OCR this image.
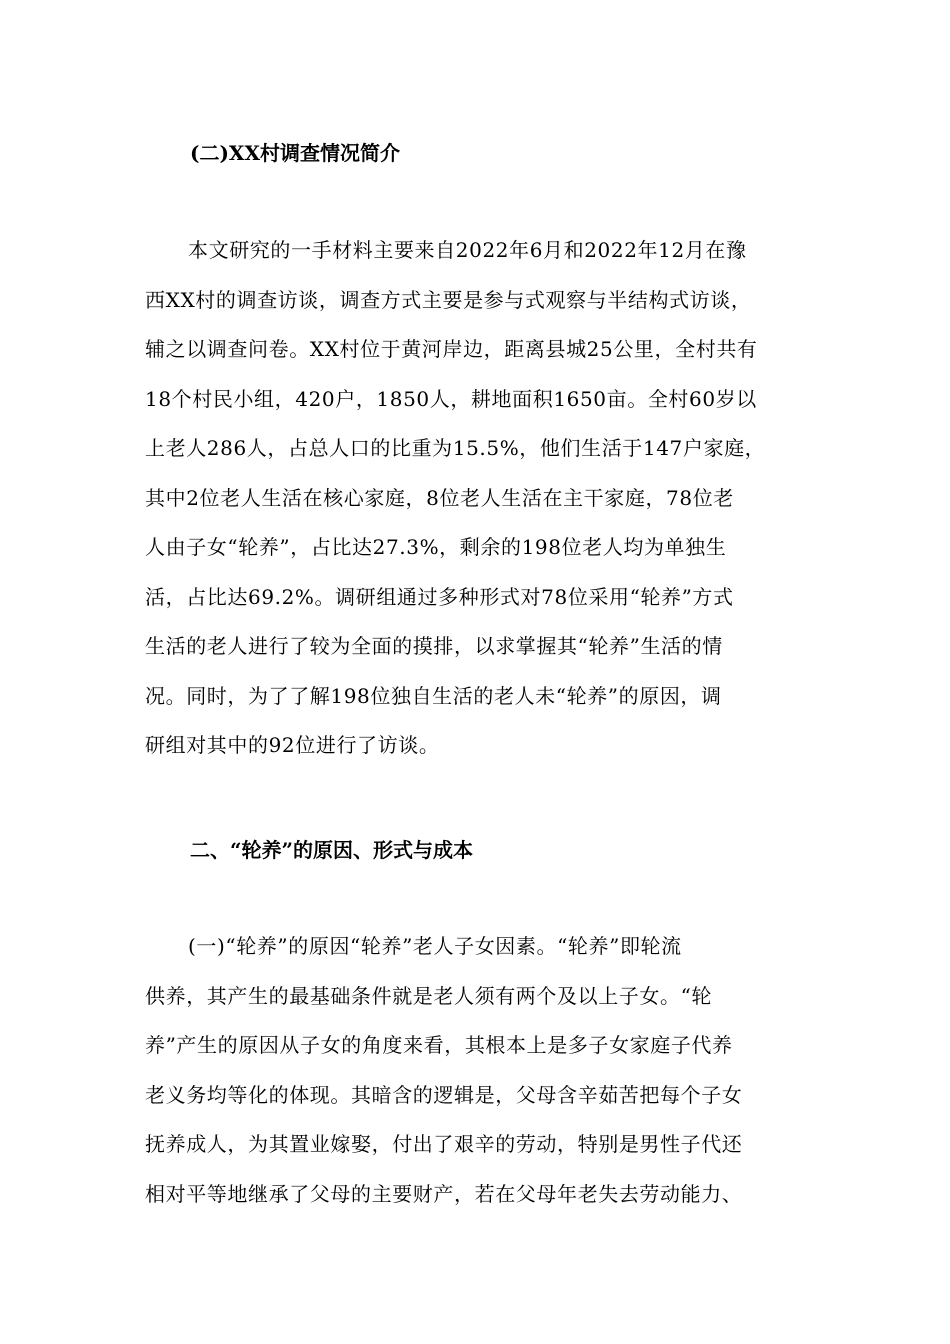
(二)XX村调查情况简介
本文研究的一手材料主要来自2022年6月和2022年12月在豫
西XX村的调查访谈，调查方式主要是参与式观察与半结构式访谈，
辅之以调查问卷。XX村位于黄河岸边，距离县城25公里，全村共有
18个村民小组，420户，1850人，耕地面积1650亩。全村60岁以
上老人286人，占总人口的比重为15.5%，他们生活于147户家庭，
其中2位老人生活在核心家庭，8位老人生活在主干家庭，78位老
人由子女“轮养”，占比达27.3%，剩余的198位老人均为单独生
活，占比达69.2%。调研组通过多种形式对78位采用“轮养”方式
生活的老人进行了较为全面的摸排，以求掌握其“轮养”生活的情
况。同时，为了了解198位独自生活的老人未“轮养”的原因，调
研组对其中的92位进行了访谈。
二、“轮养”的原因、形式与成本
(一)“轮养”的原因“轮养”老人子女因素。“轮养”即轮流
供养，其产生的最基础条件就是老人须有两个及以上子女。“轮
养”产生的原因从子女的角度来看，其根本上是多子女家庭子代养
老义务均等化的体现。其暗含的逻辑是，父母含辛茹苦把每个子女
抚养成人，为其置业嫁娶，付出了艰辛的劳动，特别是男性子代还
相对平等地继承了父母的主要财产，若在父母年老失去劳动能力、
